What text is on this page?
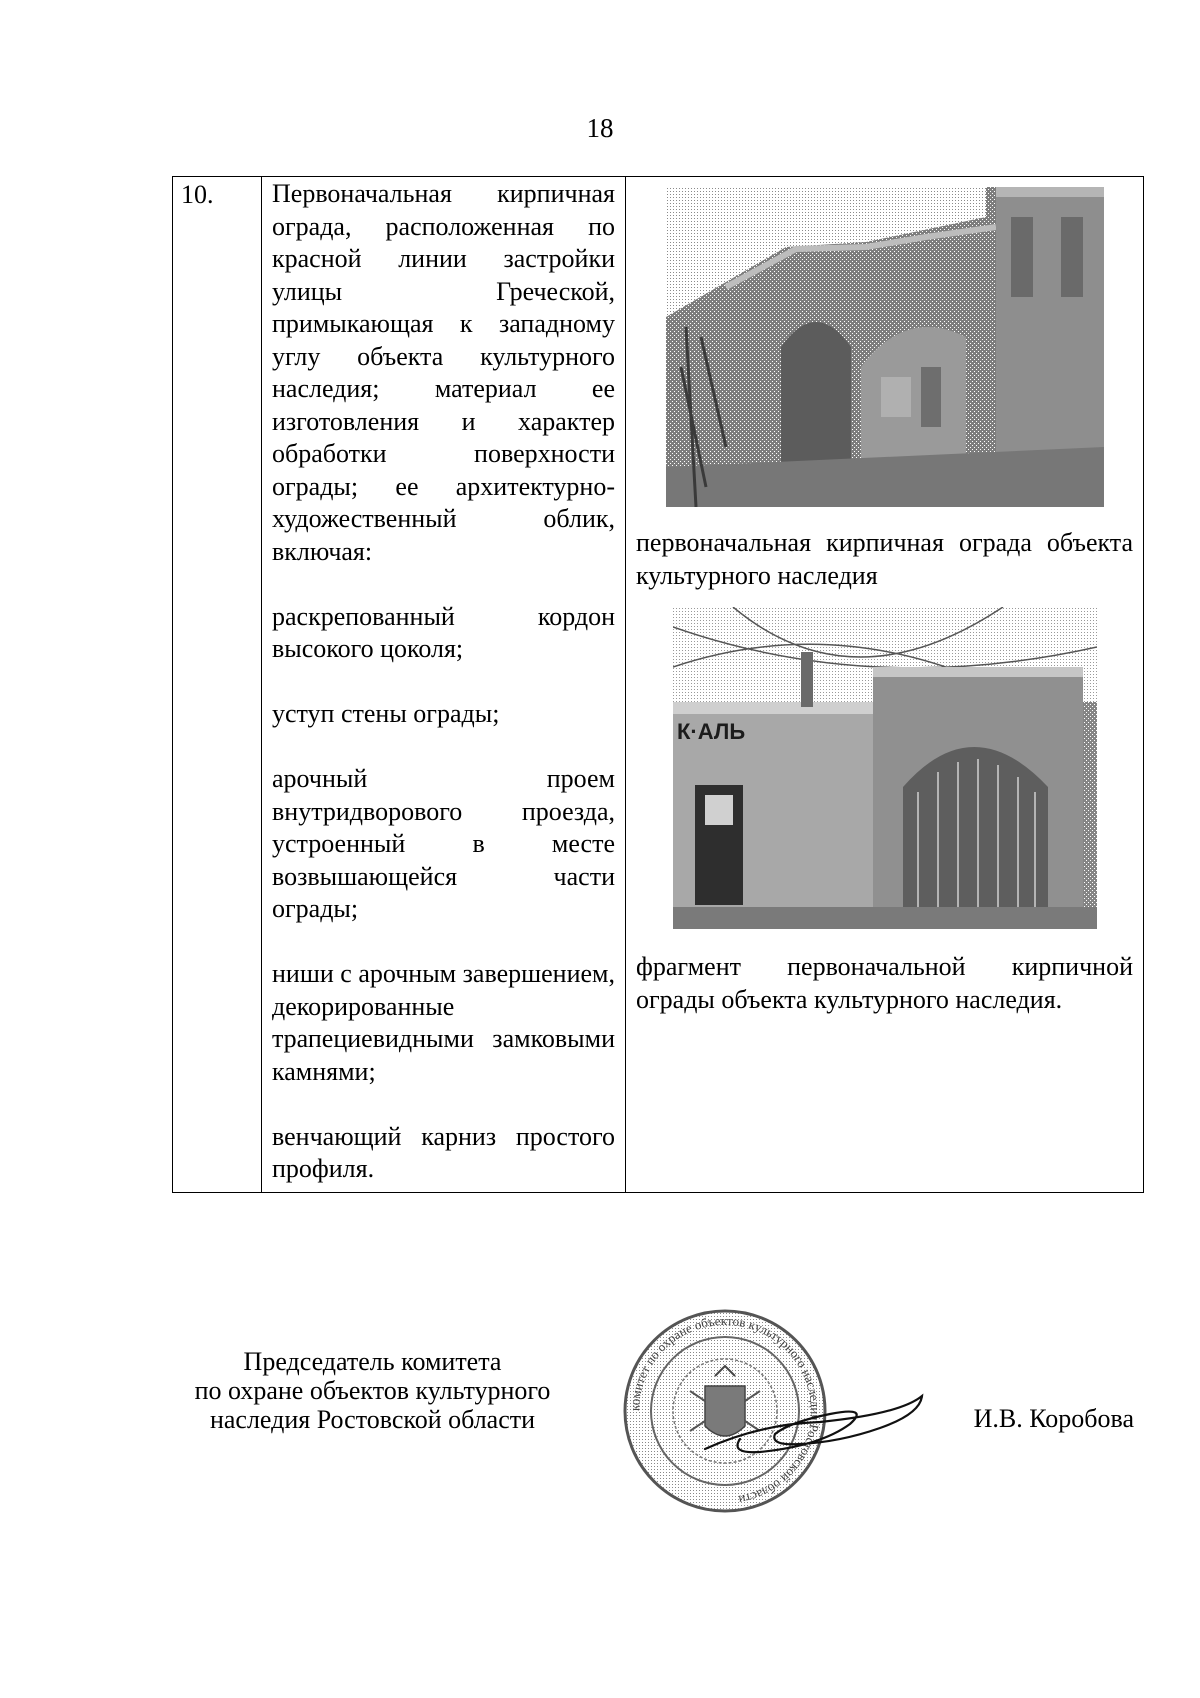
18
10.	Первоначальная кирпичная ограда, расположенная по красной линии застройки улицы Греческой, примыкающая к западному углу объекта культурного наследия; материал ее изготовления и характер обработки поверхности ограды; ее архитектурно-художественный облик, включая:

раскрепованный кордон высокого цоколя;

уступ стены ограды;

арочный проем внутридворового проезда, устроенный в месте возвышающейся части ограды;

ниши с арочным завершением, декорированные трапециевидными замковыми камнями;

венчающий карниз простого профиля.

первоначальная кирпичная ограда объекта культурного наследия

К·АЛЬ

фрагмент первоначальной кирпичной ограды объекта культурного наследия.

Председатель комитета
по охране объектов культурного
наследия Ростовской области	комитет по охране объектов культурного наследия Ростовской области
И.В. Коробова
